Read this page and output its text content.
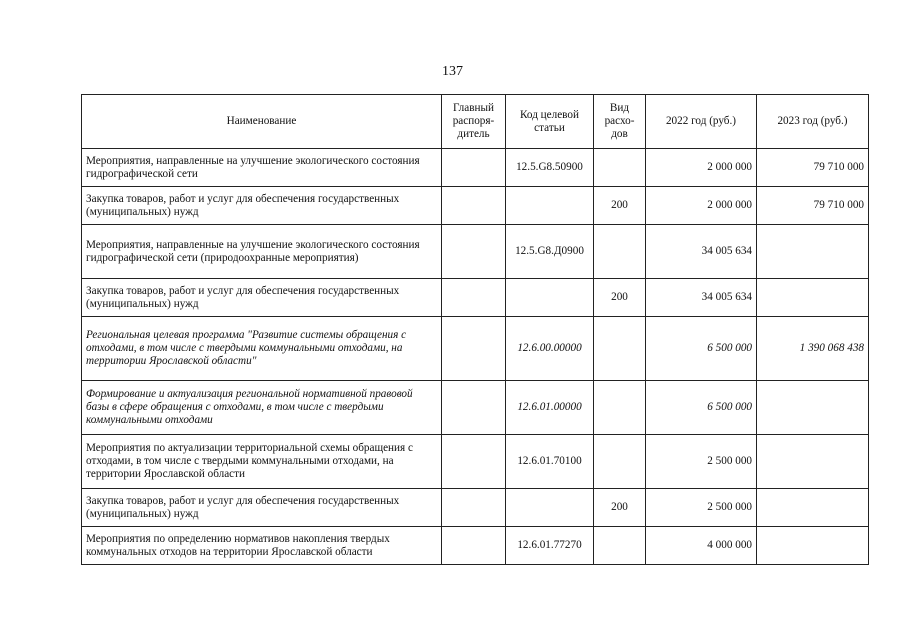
137
Наименование	Главный распоря-дитель	Код целевой статьи	Вид расхо-дов	2022 год (руб.)	2023 год (руб.)
Мероприятия, направленные на улучшение экологического состояния гидрографической сети		12.5.G8.50900		2 000 000	79 710 000
Закупка товаров, работ и услуг для обеспечения государственных (муниципальных) нужд			200	2 000 000	79 710 000
Мероприятия, направленные на улучшение экологического состояния гидрографической сети (природоохранные мероприятия)		12.5.G8.Д0900		34 005 634	
Закупка товаров, работ и услуг для обеспечения государственных (муниципальных) нужд			200	34 005 634	
Региональная целевая программа "Развитие системы обращения с отходами, в том числе с твердыми коммунальными отходами, на территории Ярославской области"		12.6.00.00000		6 500 000	1 390 068 438
Формирование и актуализация региональной нормативной правовой базы в сфере обращения с отходами, в том числе с твердыми коммунальными отходами		12.6.01.00000		6 500 000	
Мероприятия по актуализации территориальной схемы обращения с отходами, в том числе с твердыми коммунальными отходами, на территории Ярославской области		12.6.01.70100		2 500 000	
Закупка товаров, работ и услуг для обеспечения государственных (муниципальных) нужд			200	2 500 000	
Мероприятия по определению нормативов накопления твердых коммунальных отходов на территории Ярославской области		12.6.01.77270		4 000 000	
